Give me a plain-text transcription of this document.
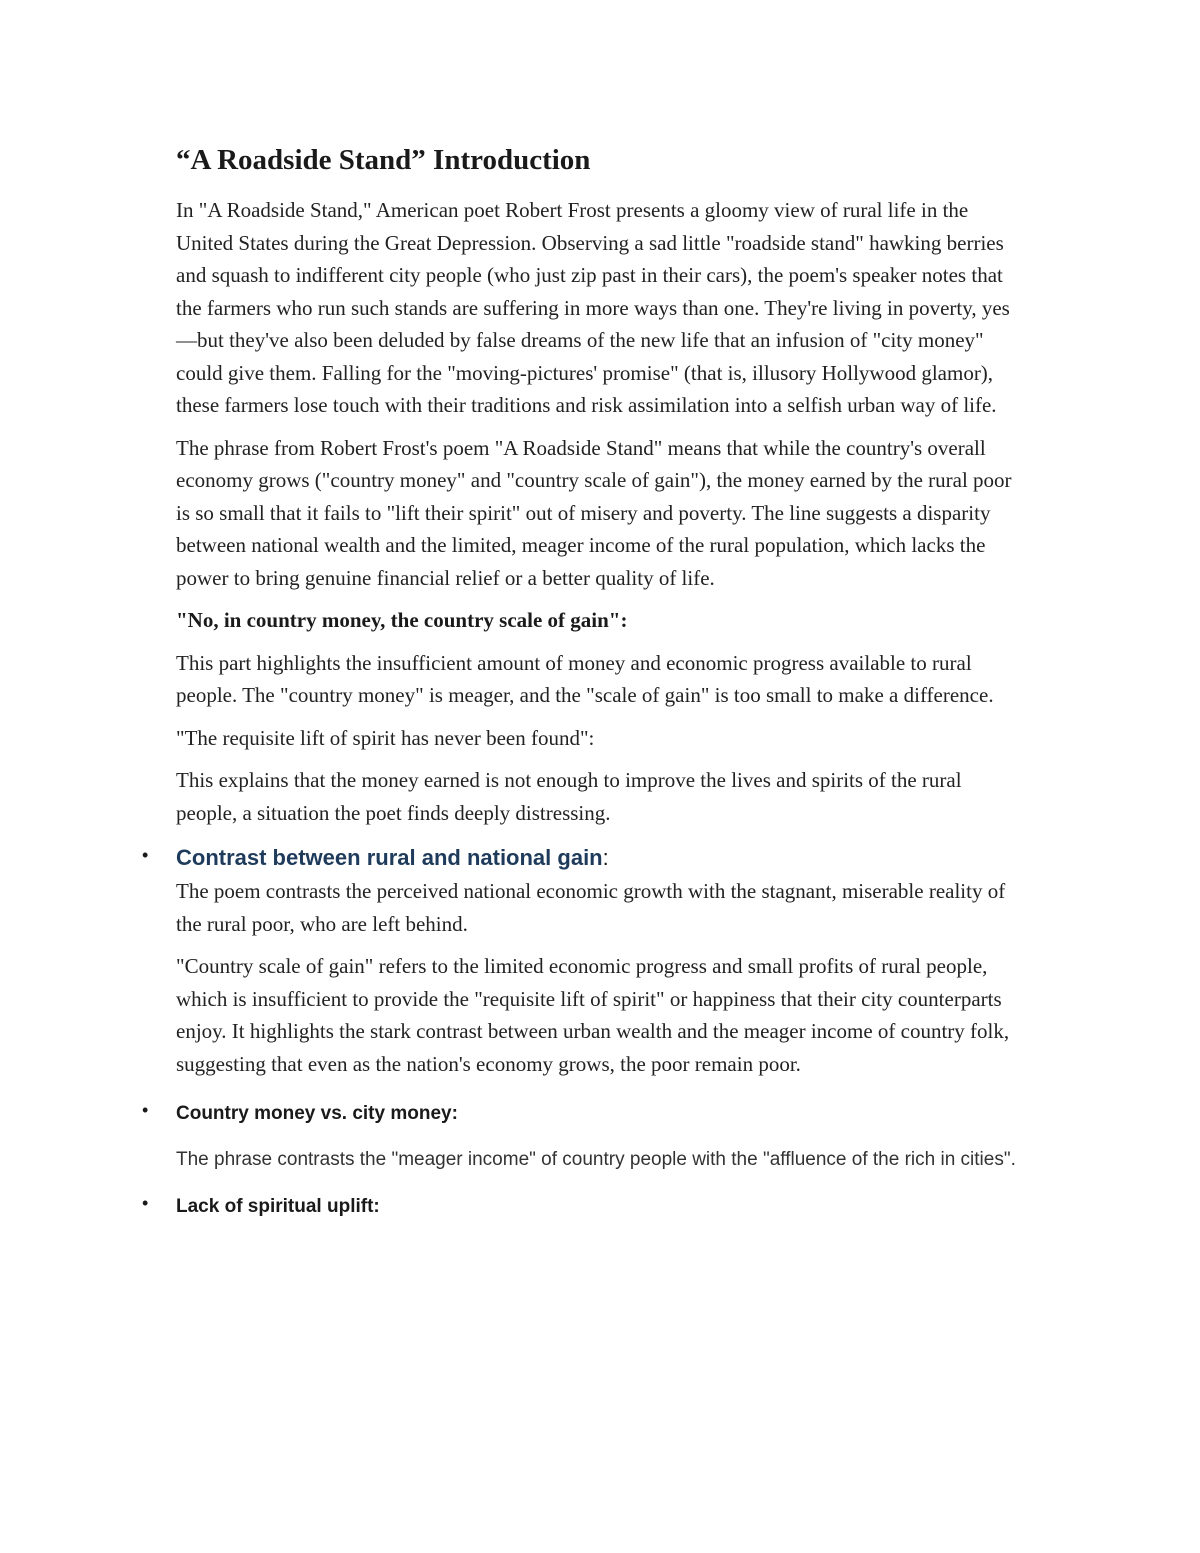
“A Roadside Stand” Introduction

In "A Roadside Stand," American poet Robert Frost presents a gloomy view of rural life in the United States during the Great Depression. Observing a sad little "roadside stand" hawking berries and squash to indifferent city people (who just zip past in their cars), the poem's speaker notes that the farmers who run such stands are suffering in more ways than one. They're living in poverty, yes—but they've also been deluded by false dreams of the new life that an infusion of "city money" could give them. Falling for the "moving-pictures' promise" (that is, illusory Hollywood glamor), these farmers lose touch with their traditions and risk assimilation into a selfish urban way of life.

The phrase from Robert Frost's poem "A Roadside Stand" means that while the country's overall economy grows ("country money" and "country scale of gain"), the money earned by the rural poor is so small that it fails to "lift their spirit" out of misery and poverty. The line suggests a disparity between national wealth and the limited, meager income of the rural population, which lacks the power to bring genuine financial relief or a better quality of life.

"No, in country money, the country scale of gain":

This part highlights the insufficient amount of money and economic progress available to rural people. The "country money" is meager, and the "scale of gain" is too small to make a difference.

"The requisite lift of spirit has never been found":

This explains that the money earned is not enough to improve the lives and spirits of the rural people, a situation the poet finds deeply distressing.

• Contrast between rural and national gain:

The poem contrasts the perceived national economic growth with the stagnant, miserable reality of the rural poor, who are left behind.

"Country scale of gain" refers to the limited economic progress and small profits of rural people, which is insufficient to provide the "requisite lift of spirit" or happiness that their city counterparts enjoy. It highlights the stark contrast between urban wealth and the meager income of country folk, suggesting that even as the nation's economy grows, the poor remain poor.

• Country money vs. city money:

The phrase contrasts the "meager income" of country people with the "affluence of the rich in cities".

• Lack of spiritual uplift:
